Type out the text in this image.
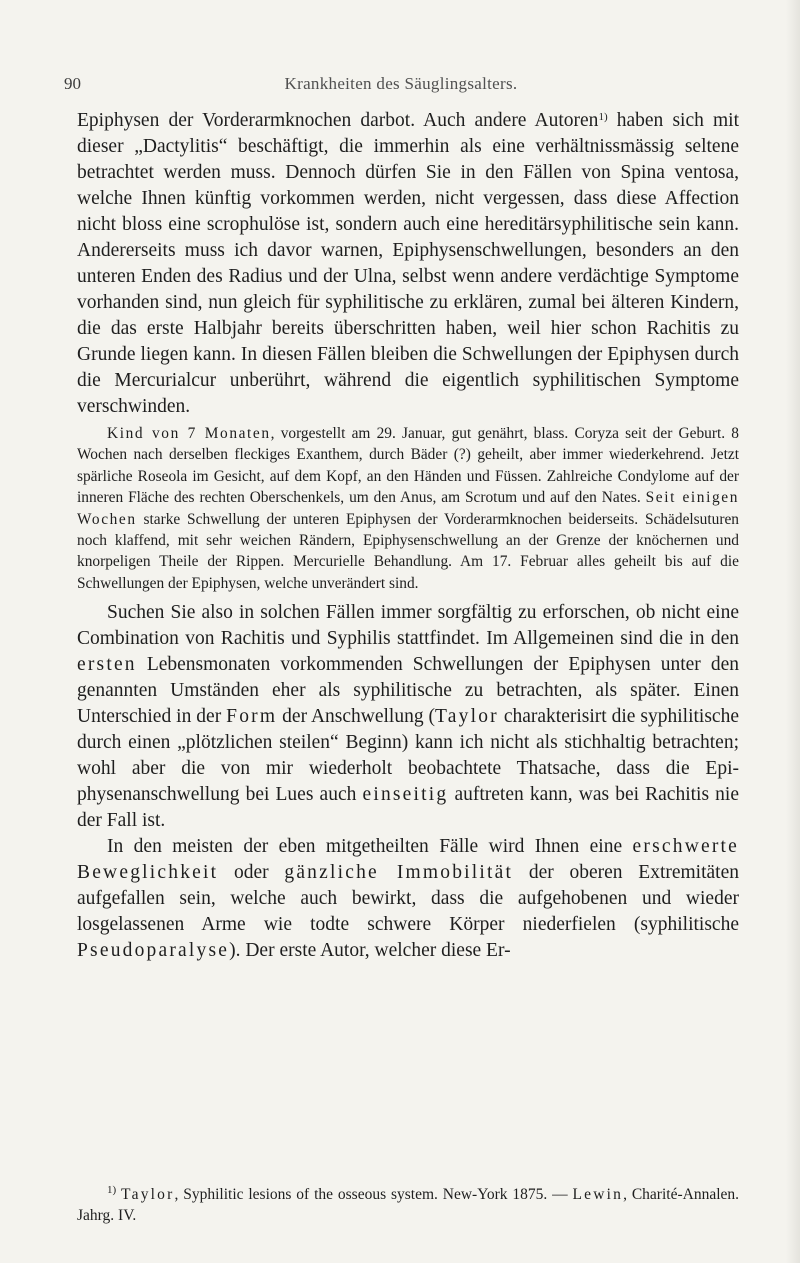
90	Krankheiten des Säuglingsalters.

Epiphysen der Vorderarmknochen darbot. Auch andere Autoren$^{1)}$ haben sich mit dieser „Dactylitis“ beschäftigt, die immerhin als eine verhältnissmässig seltene betrachtet werden muss. Dennoch dürfen Sie in den Fällen von Spina ventosa, welche Ihnen künftig vorkommen werden, nicht vergessen, dass diese Affection nicht bloss eine scrophulöse ist, sondern auch eine hereditärsyphilitische sein kann. Andererseits muss ich davor warnen, Epiphysenschwellungen, besonders an den unteren Enden des Radius und der Ulna, selbst wenn andere verdächtige Symptome vorhanden sind, nun gleich für syphilitische zu erklären, zumal bei älteren Kindern, die das erste Halbjahr bereits überschritten haben, weil hier schon Rachitis zu Grunde liegen kann. In diesen Fällen bleiben die Schwellungen der Epiphysen durch die Mercurialcur unberührt, während die eigentlich syphilitischen Symptome verschwinden.

Kind von 7 Monaten, vorgestellt am 29. Januar, gut genährt, blass. Coryza seit der Geburt. 8 Wochen nach derselben fleckiges Exanthem, durch Bäder (?) geheilt, aber immer wiederkehrend. Jetzt spärliche Roseola im Gesicht, auf dem Kopf, an den Händen und Füssen. Zahlreiche Condylome auf der inneren Fläche des rechten Oberschenkels, um den Anus, am Scrotum und auf den Nates. Seit einigen Wochen starke Schwellung der unteren Epiphysen der Vorderarmknochen beiderseits. Schädelsuturen noch klaffend, mit sehr weichen Rändern, Epiphysenschwellung an der Grenze der knöchernen und knorpeligen Theile der Rippen. Mercurielle Behandlung. Am 17. Februar alles geheilt bis auf die Schwellungen der Epiphysen, welche unverändert sind.

Suchen Sie also in solchen Fällen immer sorgfältig zu erforschen, ob nicht eine Combination von Rachitis und Syphilis stattfindet. Im Allgemeinen sind die in den ersten Lebensmonaten vorkommenden Schwellungen der Epiphysen unter den genannten Umständen eher als syphilitische zu betrachten, als später. Einen Unterschied in der Form der Anschwellung (Taylor charakterisirt die syphilitische durch einen „plötzlichen steilen“ Beginn) kann ich nicht als stichhaltig betrachten; wohl aber die von mir wiederholt beobachtete Thatsache, dass die Epiphysenanschwellung bei Lues auch einseitig auftreten kann, was bei Rachitis nie der Fall ist.

In den meisten der eben mitgetheilten Fälle wird Ihnen eine erschwerte Beweglichkeit oder gänzliche Immobilität der oberen Extremitäten aufgefallen sein, welche auch bewirkt, dass die aufgehobenen und wieder losgelassenen Arme wie todte schwere Körper niederfielen (syphilitische Pseudoparalyse). Der erste Autor, welcher diese Er-

$^{1)}$ Taylor, Syphilitic lesions of the osseous system. New-York 1875. — Lewin, Charité-Annalen. Jahrg. IV.
